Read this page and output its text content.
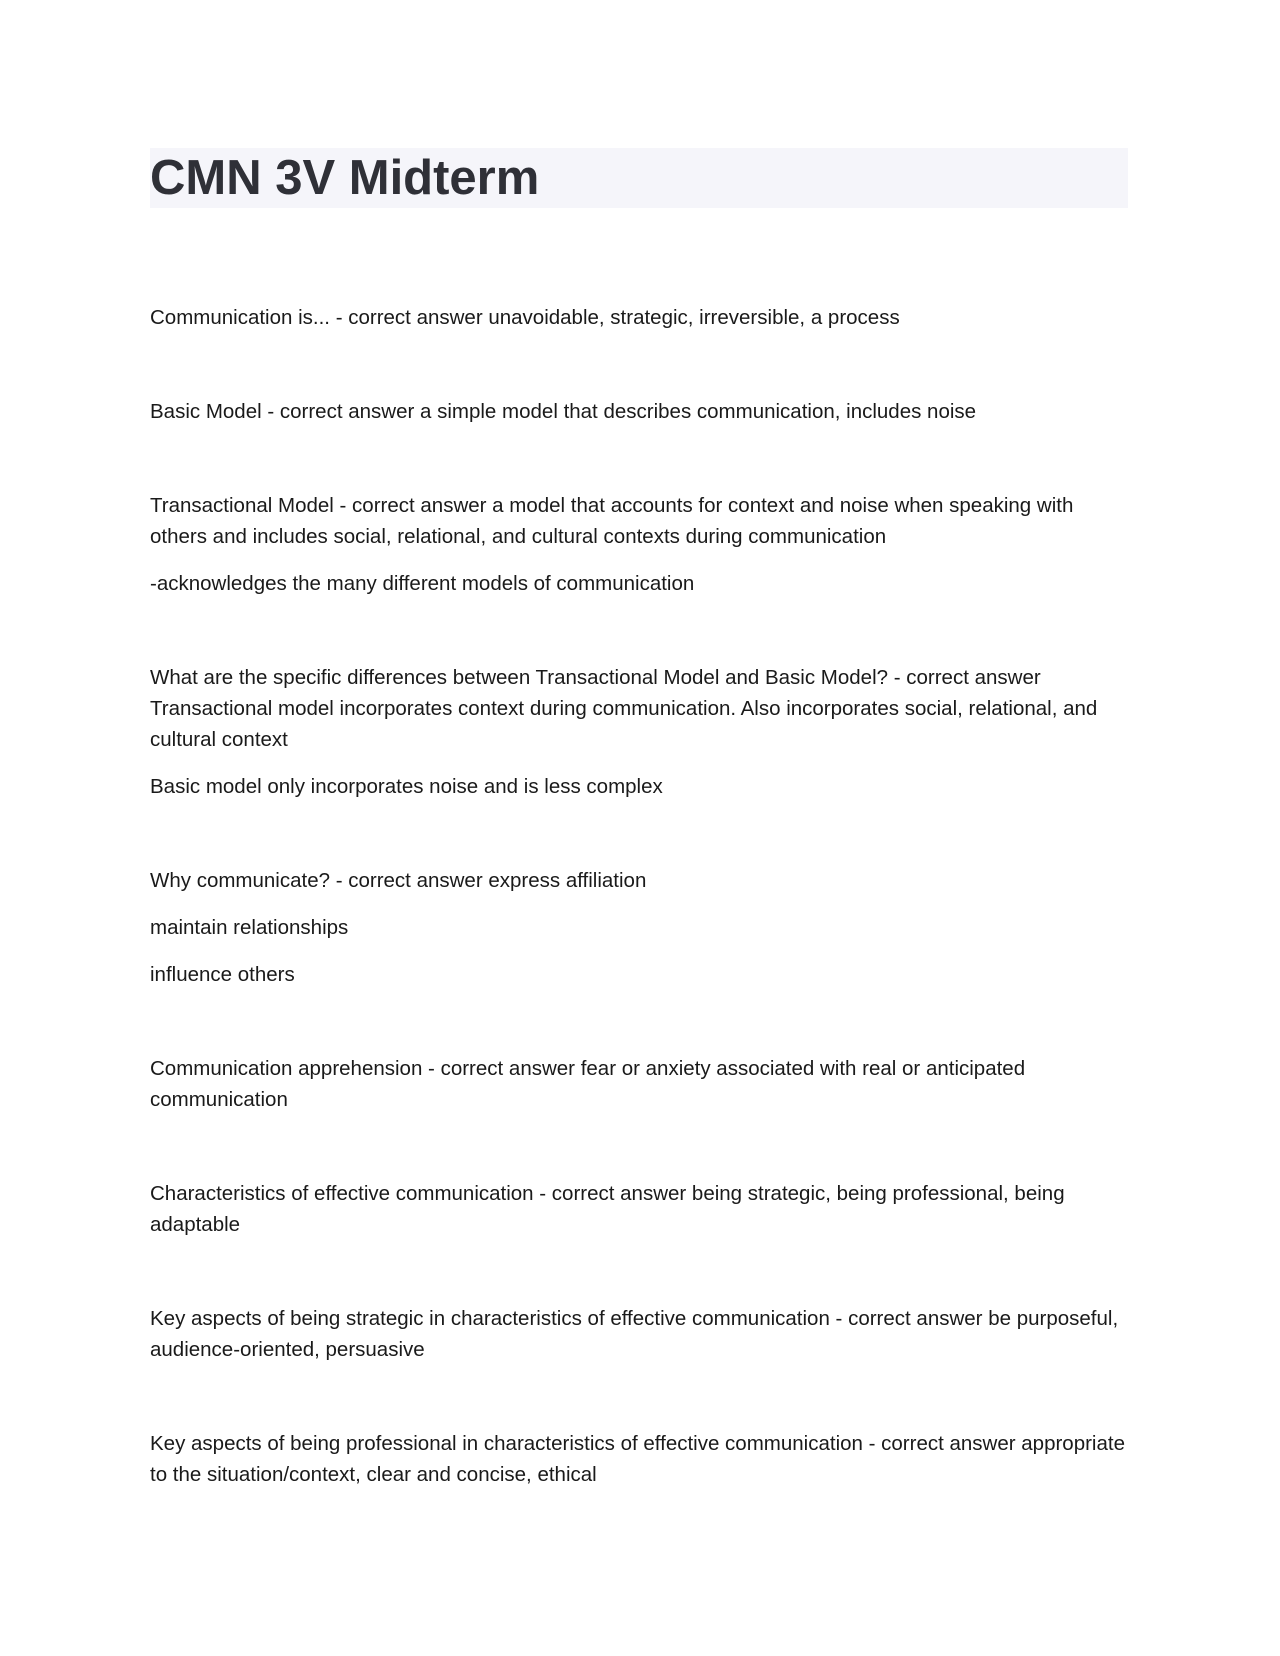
CMN 3V Midterm

Communication is... - correct answer unavoidable, strategic, irreversible, a process

Basic Model - correct answer a simple model that describes communication, includes noise

Transactional Model - correct answer a model that accounts for context and noise when speaking with others and includes social, relational, and cultural contexts during communication

-acknowledges the many different models of communication

What are the specific differences between Transactional Model and Basic Model? - correct answer Transactional model incorporates context during communication. Also incorporates social, relational, and cultural context

Basic model only incorporates noise and is less complex

Why communicate? - correct answer express affiliation

maintain relationships

influence others

Communication apprehension - correct answer fear or anxiety associated with real or anticipated communication

Characteristics of effective communication - correct answer being strategic, being professional, being adaptable

Key aspects of being strategic in characteristics of effective communication - correct answer be purposeful, audience-oriented, persuasive

Key aspects of being professional in characteristics of effective communication - correct answer appropriate to the situation/context, clear and concise, ethical
